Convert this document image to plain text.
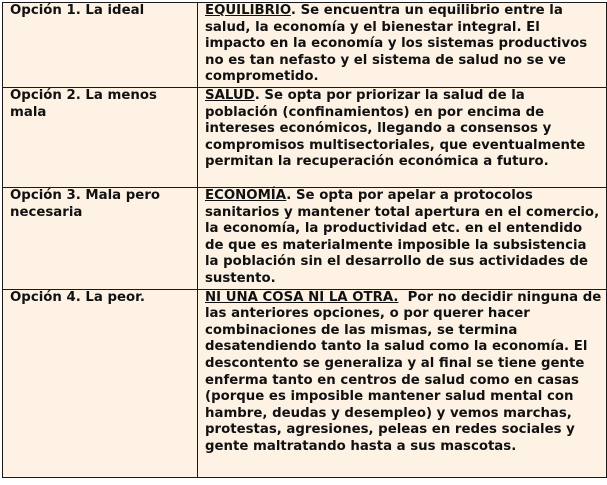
Opción 1. La ideal	EQUILIBRIO. Se encuentra un equilibrio entre la salud, la economía y el bienestar integral. El impacto en la economía y los sistemas productivos no es tan nefasto y el sistema de salud no se ve comprometido.
Opción 2. La menos mala	SALUD. Se opta por priorizar la salud de la población (confinamientos) en por encima de intereses económicos, llegando a consensos y compromisos multisectoriales, que eventualmente permitan la recuperación económica a futuro.
Opción 3. Mala pero necesaria	ECONOMÍA. Se opta por apelar a protocolos sanitarios y mantener total apertura en el comercio, la economía, la productividad etc. en el entendido de que es materialmente imposible la subsistencia la población sin el desarrollo de sus actividades de sustento.
Opción 4. La peor.	NI UNA COSA NI LA OTRA.  Por no decidir ninguna de las anteriores opciones, o por querer hacer combinaciones de las mismas, se termina desatendiendo tanto la salud como la economía. El descontento se generaliza y al final se tiene gente enferma tanto en centros de salud como en casas (porque es imposible mantener salud mental con hambre, deudas y desempleo) y vemos marchas, protestas, agresiones, peleas en redes sociales y gente maltratando hasta a sus mascotas.
